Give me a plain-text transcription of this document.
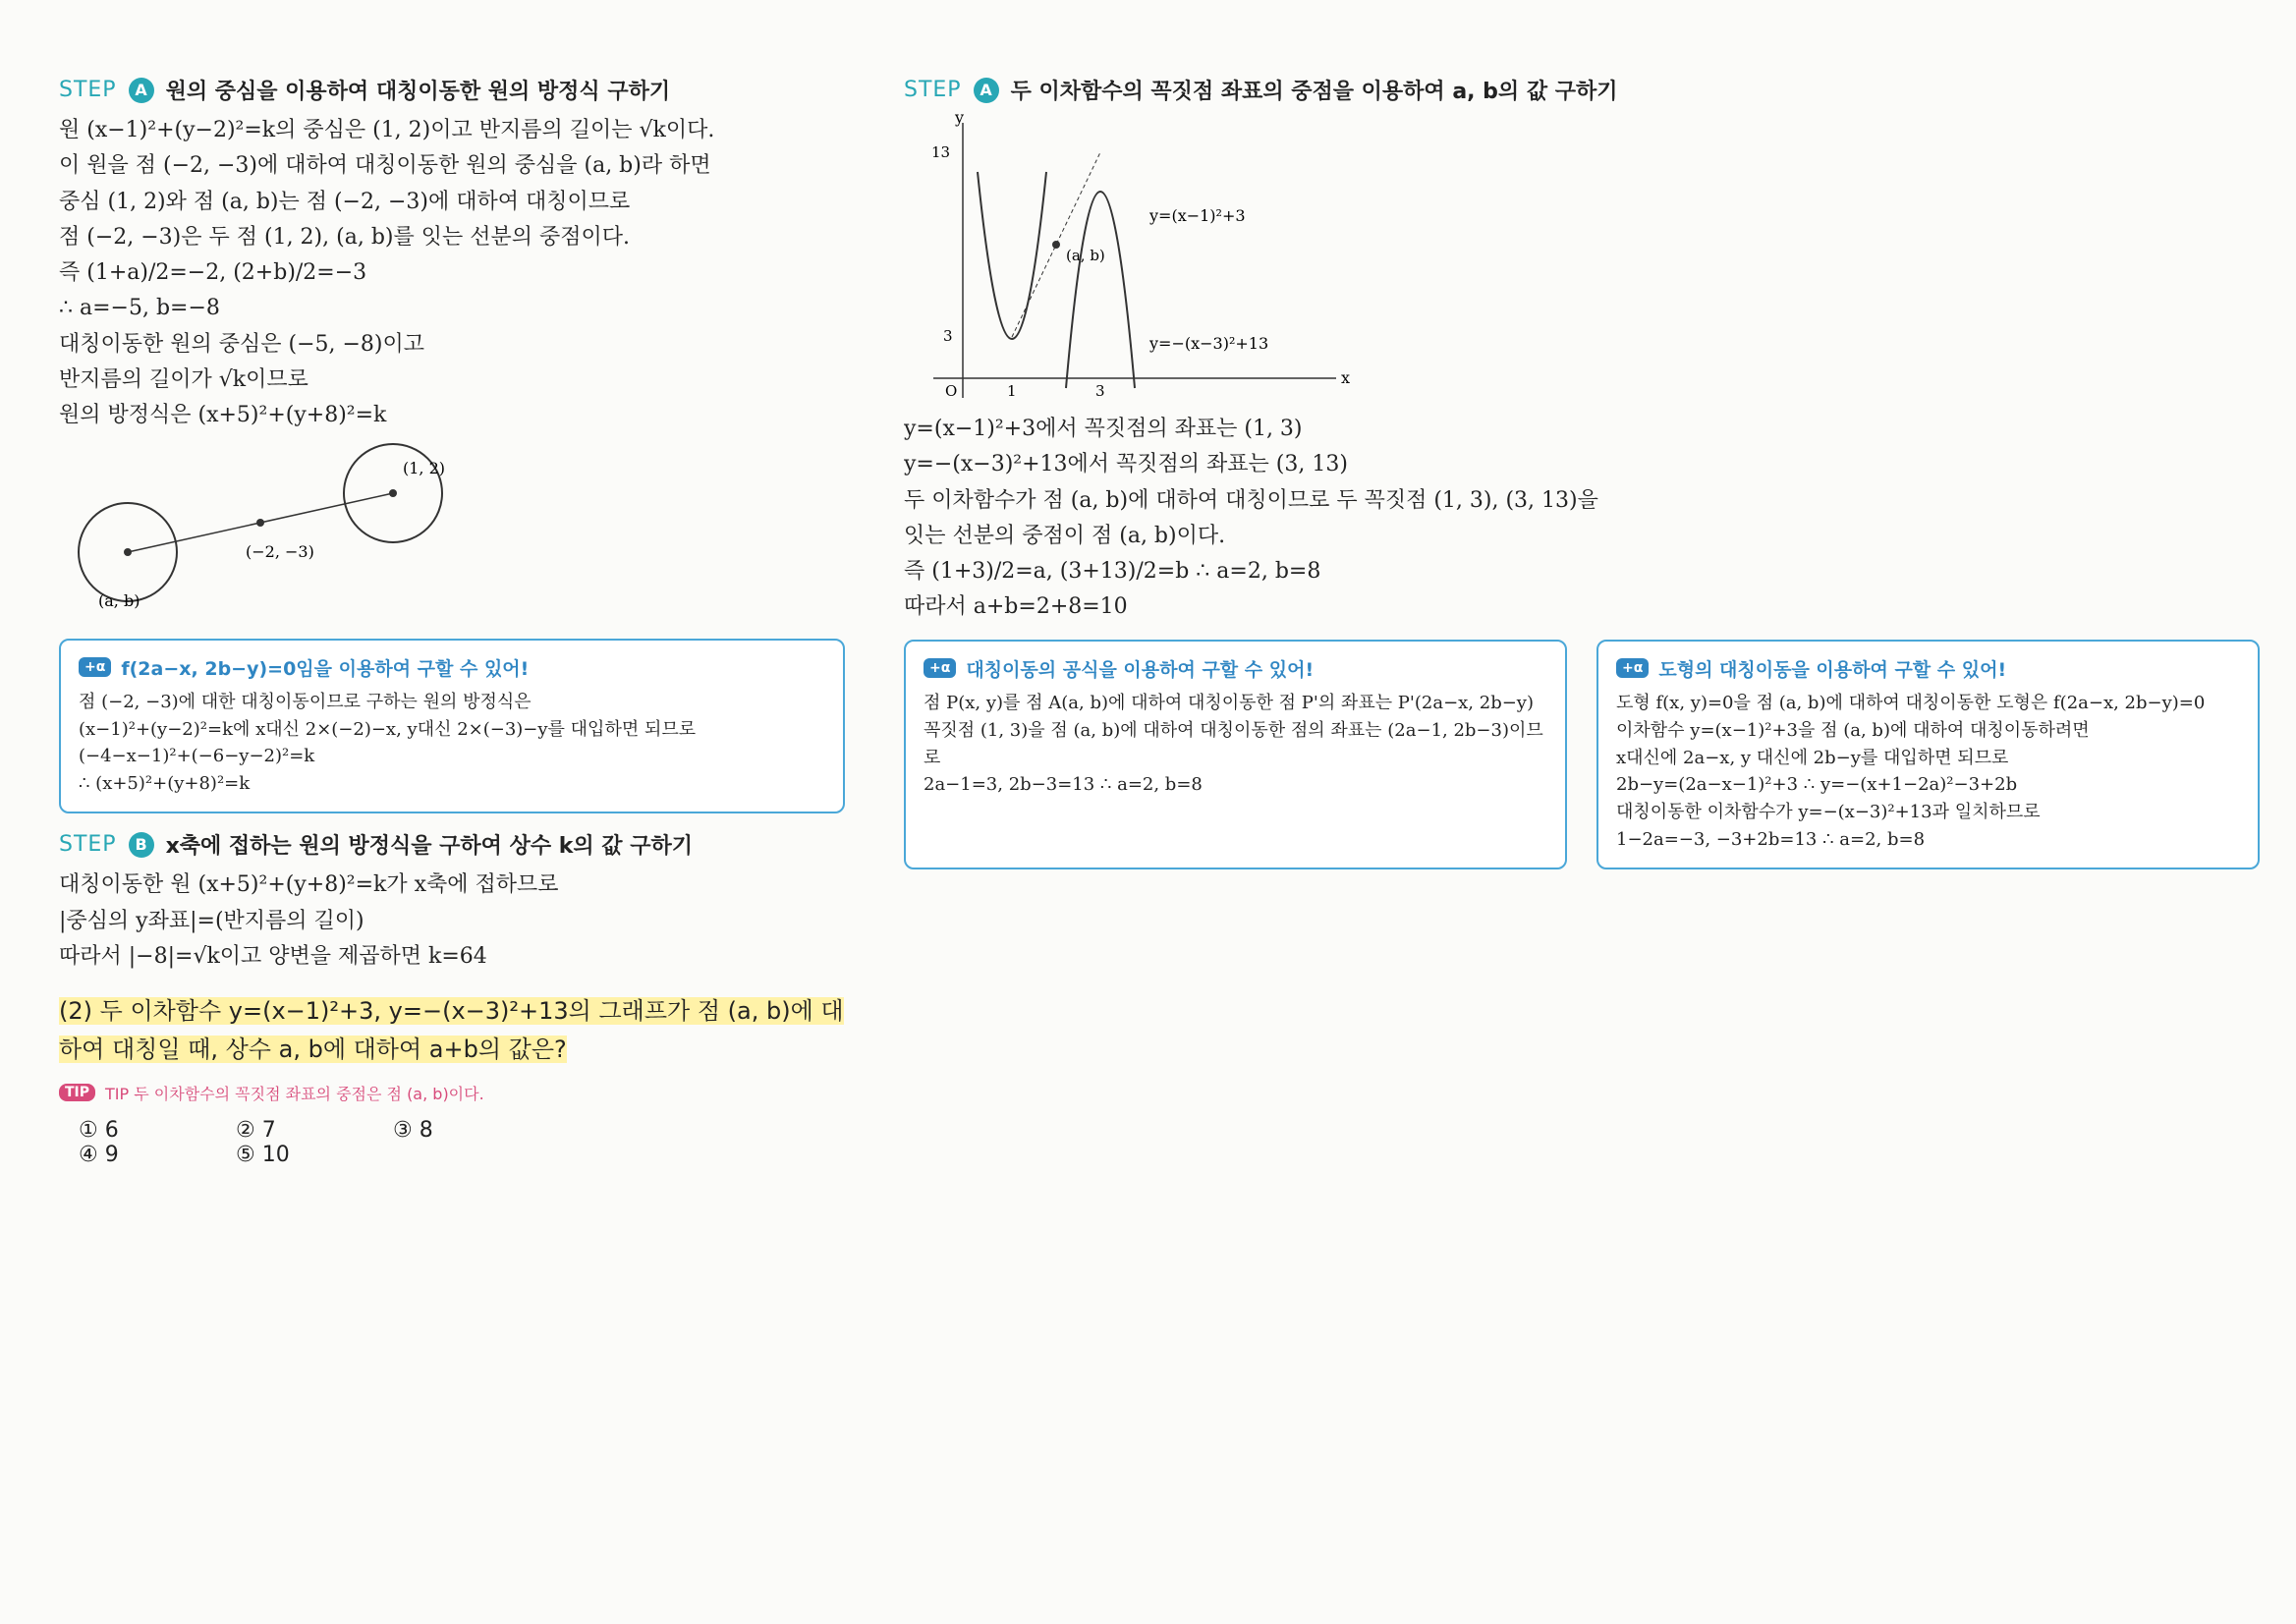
STEP	A 원의 중심을 이용하여 대칭이동한 원의 방정식 구하기
원 (x−1)²+(y−2)²=k의 중심은 (1, 2)이고 반지름의 길이는 √k이다.
이 원을 점 (−2, −3)에 대하여 대칭이동한 원의 중심을 (a, b)라 하면
중심 (1, 2)와 점 (a, b)는 점 (−2, −3)에 대하여 대칭이므로
점 (−2, −3)은 두 점 (1, 2), (a, b)를 잇는 선분의 중점이다.
즉 (1+a)/2=−2, (2+b)/2=−3
∴ a=−5, b=−8
대칭이동한 원의 중심은 (−5, −8)이고
반지름의 길이가 √k이므로
원의 방정식은 (x+5)²+(y+8)²=k
(1, 2)
(−2, −3)
(a, b)
+α f(2a−x, 2b−y)=0임을 이용하여 구할 수 있어!
점 (−2, −3)에 대한 대칭이동이므로 구하는 원의 방정식은
(x−1)²+(y−2)²=k에 x대신 2×(−2)−x, y대신 2×(−3)−y를 대입하면 되므로
(−4−x−1)²+(−6−y−2)²=k
∴ (x+5)²+(y+8)²=k
STEP	B x축에 접하는 원의 방정식을 구하여 상수 k의 값 구하기
대칭이동한 원 (x+5)²+(y+8)²=k가 x축에 접하므로
|중심의 y좌표|=(반지름의 길이)
따라서 |−8|=√k이고 양변을 제곱하면 k=64
(2) 두 이차함수 y=(x−1)²+3, y=−(x−3)²+13의 그래프가 점 (a, b)에 대하여 대칭일 때, 상수 a, b에 대하여 a+b의 값은?
TIP	TIP 두 이차함수의 꼭짓점 좌표의 중점은 점 (a, b)이다.
① 6	② 7	③ 8
④ 9	⑤ 10
STEP	A 두 이차함수의 꼭짓점 좌표의 중점을 이용하여 a, b의 값 구하기
x
y
O	1	3
13
3
(a, b)
y=(x−1)²+3
y=−(x−3)²+13
y=(x−1)²+3에서 꼭짓점의 좌표는 (1, 3)
y=−(x−3)²+13에서 꼭짓점의 좌표는 (3, 13)
두 이차함수가 점 (a, b)에 대하여 대칭이므로 두 꼭짓점 (1, 3), (3, 13)을
잇는 선분의 중점이 점 (a, b)이다.
즉 (1+3)/2=a, (3+13)/2=b ∴ a=2, b=8
따라서 a+b=2+8=10
+α 대칭이동의 공식을 이용하여 구할 수 있어!
점 P(x, y)를 점 A(a, b)에 대하여 대칭이동한 점 P'의 좌표는 P'(2a−x, 2b−y)
꼭짓점 (1, 3)을 점 (a, b)에 대하여 대칭이동한 점의 좌표는 (2a−1, 2b−3)이므로
2a−1=3, 2b−3=13 ∴ a=2, b=8
+α 도형의 대칭이동을 이용하여 구할 수 있어!
도형 f(x, y)=0을 점 (a, b)에 대하여 대칭이동한 도형은 f(2a−x, 2b−y)=0
이차함수 y=(x−1)²+3을 점 (a, b)에 대하여 대칭이동하려면
x대신에 2a−x, y 대신에 2b−y를 대입하면 되므로
2b−y=(2a−x−1)²+3 ∴ y=−(x+1−2a)²−3+2b
대칭이동한 이차함수가 y=−(x−3)²+13과 일치하므로
1−2a=−3, −3+2b=13 ∴ a=2, b=8
